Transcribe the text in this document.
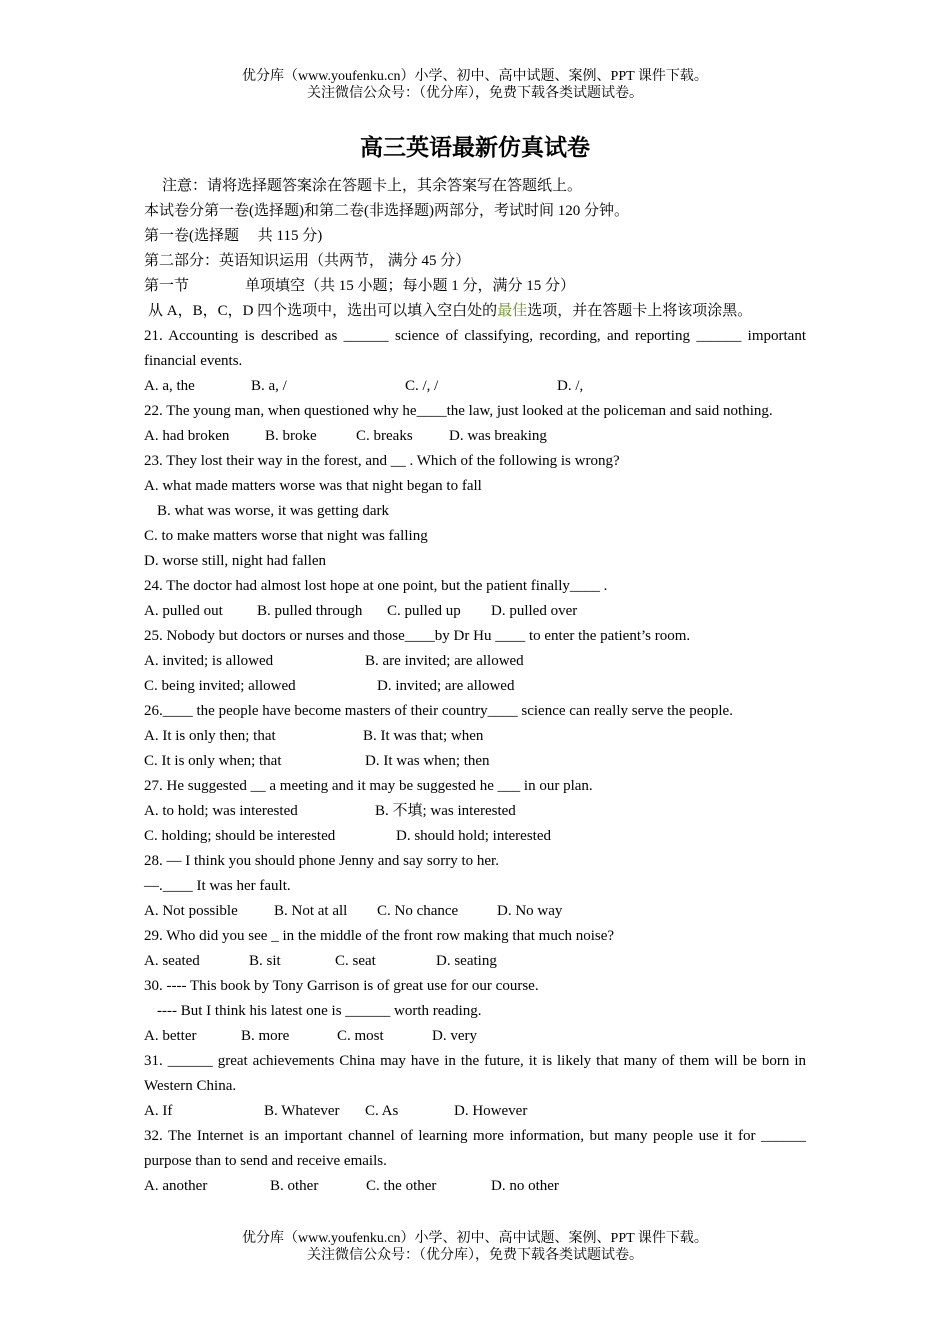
优分库（www.youfenku.cn）小学、初中、高中试题、案例、PPT 课件下载。
关注微信公众号：（优分库），免费下载各类试题试卷。
高三英语最新仿真试卷
注意：请将选择题答案涂在答题卡上，其余答案写在答题纸上。
本试卷分第一卷(选择题)和第二卷(非选择题)两部分，考试时间 120 分钟。
第一卷(选择题　 共 115 分)
第二部分：英语知识运用（共两节， 满分 45 分）
第一节	单项填空（共 15 小题；每小题 1 分，满分 15 分）
从 A，B，C，D 四个选项中，选出可以填入空白处的最佳选项，并在答题卡上将该项涂黑。
21. Accounting is described as ______ science of classifying, recording, and reporting ______ important financial events.
A. a, the	B. a, /	C. /, /	D. /,
22. The young man, when questioned why he____the law, just looked at the policeman and said nothing.
A. had broken	B. broke	C. breaks	D. was breaking
23. They lost their way in the forest, and __ . Which of the following is wrong?
A. what made matters worse was that night began to fall
B. what was worse, it was getting dark
C. to make matters worse that night was falling
D. worse still, night had fallen
24. The doctor had almost lost hope at one point, but the patient finally____ .
A. pulled out	B. pulled through	C. pulled up	D. pulled over
25. Nobody but doctors or nurses and those____by Dr Hu ____ to enter the patient’s room.
A. invited; is allowed	B. are invited; are allowed
C. being invited; allowed	D. invited; are allowed
26.____ the people have become masters of their country____ science can really serve the people.
A. It is only then; that	B. It was that; when
C. It is only when; that	D. It was when; then
27. He suggested __ a meeting and it may be suggested he ___ in our plan.
A. to hold; was interested	B. 不填; was interested
C. holding; should be interested	D. should hold; interested
28. — I think you should phone Jenny and say sorry to her.
—.____ It was her fault.
A. Not possible	B. Not at all	C. No chance	D. No way
29. Who did you see _ in the middle of the front row making that much noise?
A. seated	B. sit	C. seat	D. seating
30. ---- This book by Tony Garrison is of great use for our course.
---- But I think his latest one is ______ worth reading.
A. better	B. more	C. most	D. very
31. ______ great achievements China may have in the future, it is likely that many of them will be born in Western China.
A. If	B. Whatever	C. As	D. However
32. The Internet is an important channel of learning more information, but many people use it for ______ purpose than to send and receive emails.
A. another	B. other	C. the other	D. no other
优分库（www.youfenku.cn）小学、初中、高中试题、案例、PPT 课件下载。
关注微信公众号：（优分库），免费下载各类试题试卷。
